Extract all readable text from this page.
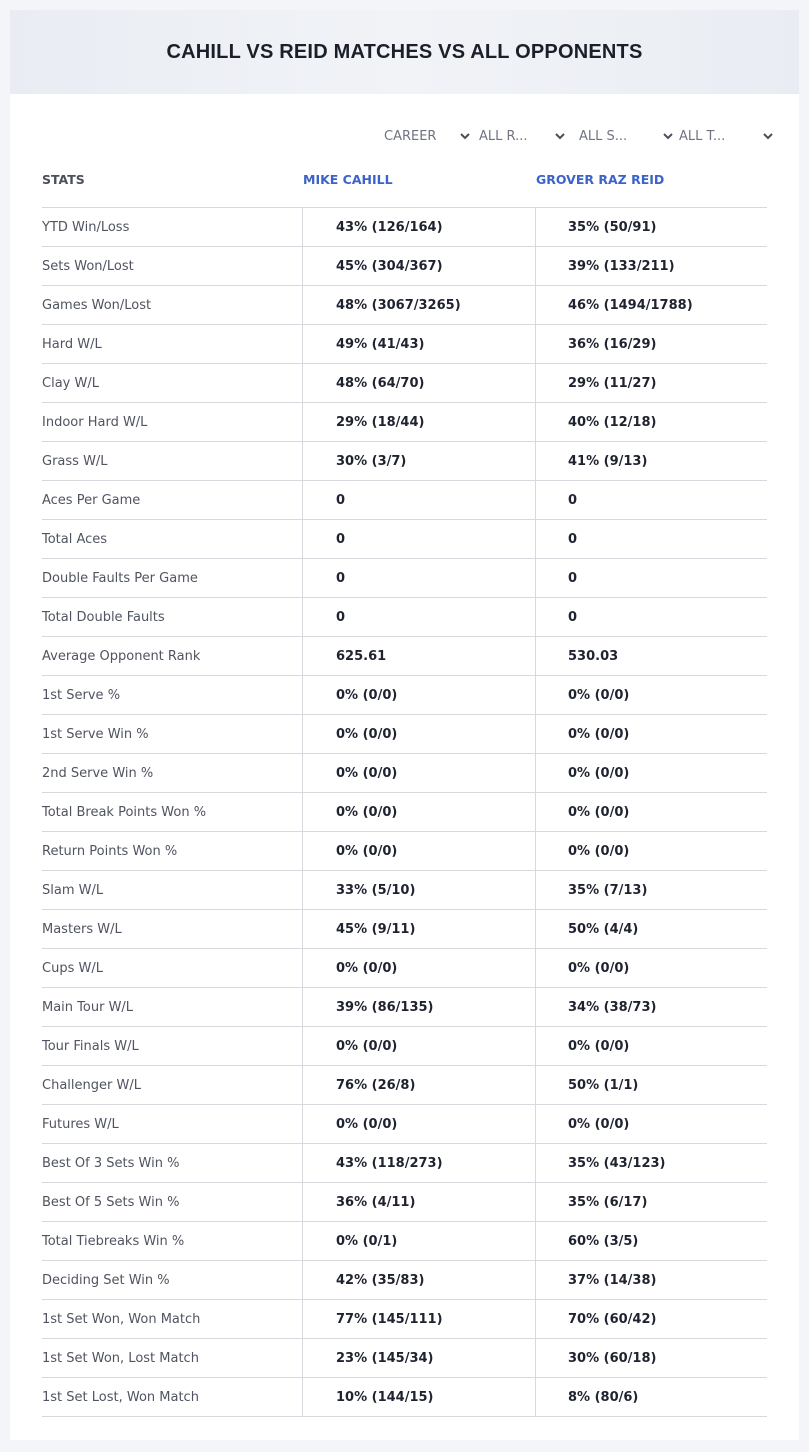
CAHILL VS REID MATCHES VS ALL OPPONENTS
CAREER	ALL R...	ALL S...	ALL T...
STATS	MIKE CAHILL	GROVER RAZ REID
YTD Win/Loss	43% (126/164)	35% (50/91)
Sets Won/Lost	45% (304/367)	39% (133/211)
Games Won/Lost	48% (3067/3265)	46% (1494/1788)
Hard W/L	49% (41/43)	36% (16/29)
Clay W/L	48% (64/70)	29% (11/27)
Indoor Hard W/L	29% (18/44)	40% (12/18)
Grass W/L	30% (3/7)	41% (9/13)
Aces Per Game	0	0
Total Aces	0	0
Double Faults Per Game	0	0
Total Double Faults	0	0
Average Opponent Rank	625.61	530.03
1st Serve %	0% (0/0)	0% (0/0)
1st Serve Win %	0% (0/0)	0% (0/0)
2nd Serve Win %	0% (0/0)	0% (0/0)
Total Break Points Won %	0% (0/0)	0% (0/0)
Return Points Won %	0% (0/0)	0% (0/0)
Slam W/L	33% (5/10)	35% (7/13)
Masters W/L	45% (9/11)	50% (4/4)
Cups W/L	0% (0/0)	0% (0/0)
Main Tour W/L	39% (86/135)	34% (38/73)
Tour Finals W/L	0% (0/0)	0% (0/0)
Challenger W/L	76% (26/8)	50% (1/1)
Futures W/L	0% (0/0)	0% (0/0)
Best Of 3 Sets Win %	43% (118/273)	35% (43/123)
Best Of 5 Sets Win %	36% (4/11)	35% (6/17)
Total Tiebreaks Win %	0% (0/1)	60% (3/5)
Deciding Set Win %	42% (35/83)	37% (14/38)
1st Set Won, Won Match	77% (145/111)	70% (60/42)
1st Set Won, Lost Match	23% (145/34)	30% (60/18)
1st Set Lost, Won Match	10% (144/15)	8% (80/6)
